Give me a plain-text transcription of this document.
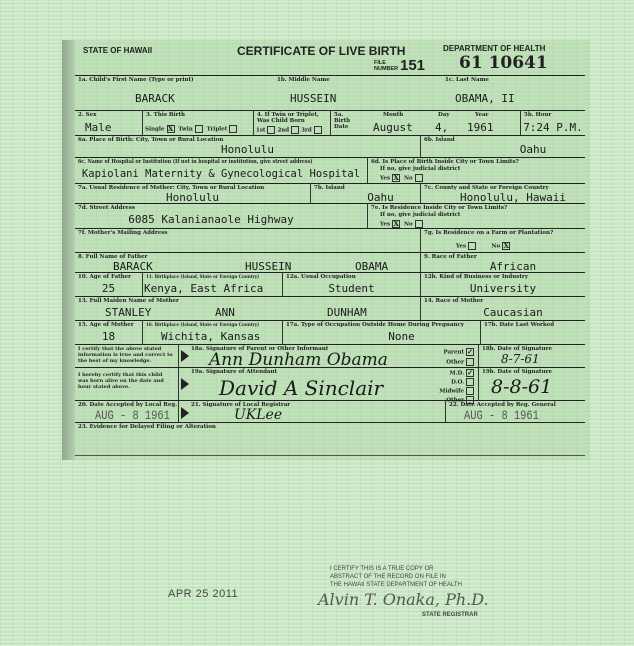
STATE OF HAWAII	CERTIFICATE OF LIVE BIRTH
FILE NUMBER 151
DEPARTMENT OF HEALTH
61 10641
1a. Child's First Name (Type or print)	1b. Middle Name	1c. Last Name
BARACK	HUSSEIN	OBAMA, II
2. Sex
Male
3. This Birth
Single X Twin	Triplet
4. If Twin or Triplet, Was Child Born
1st 2nd 3rd
5a. Birth Date
Month	Day	Year
August 4, 1961
5b. Hour
7:24 P.M.
6a. Place of Birth: City, Town or Rural Location
Honolulu
6b. Island
Oahu
6c. Name of Hospital or Institution (If not in hospital or institution, give street address)
Kapiolani Maternity & Gynecological Hospital
6d. Is Place of Birth Inside City or Town Limits?
If no, give judicial district
Yes X No
7a. Usual Residence of Mother: City, Town or Rural Location
Honolulu
7b. Island
Oahu
7c. County and State or Foreign Country
Honolulu, Hawaii
7d. Street Address
6085 Kalanianaole Highway
7e. Is Residence Inside City or Town Limits?
If no, give judicial district
Yes X No
7f. Mother's Mailing Address	7g. Is Residence on a Farm or Plantation?
Yes	No X
8. Full Name of Father
BARACK	HUSSEIN	OBAMA
9. Race of Father
African
10. Age of Father
25
11. Birthplace (Island, State or Foreign Country)
Kenya, East Africa
12a. Usual Occupation
Student
12b. Kind of Business or Industry
University
13. Full Maiden Name of Mother
STANLEY	ANN	DUNHAM
14. Race of Mother
Caucasian
15. Age of Mother
18
16. Birthplace (Island, State or Foreign Country)
Wichita, Kansas
17a. Type of Occupation Outside Home During Pregnancy
None
17b. Date Last Worked
I certify that the above stated information is true and correct to the best of my knowledge.
18a. Signature of Parent or Other Informant
Ann Dunham Obama	Parent ✓
Other
18b. Date of Signature
8-7-61
I hereby certify that this child was born alive on the date and hour stated above.
19a. Signature of Attendant
David A Sinclair
M.D. ✓
D.O.
Midwife
Other
19b. Date of Signature
8-8-61
20. Date Accepted by Local Reg.
AUG - 8 1961
21. Signature of Local Registrar
UKLee
22. Date Accepted by Reg. General
AUG - 8 1961
23. Evidence for Delayed Filing or Alteration
APR 25 2011
I CERTIFY THIS IS A TRUE COPY OR
ABSTRACT OF THE RECORD ON FILE IN
THE HAWAII STATE DEPARTMENT OF HEALTH
Alvin T. Onaka, Ph.D.
STATE REGISTRAR
